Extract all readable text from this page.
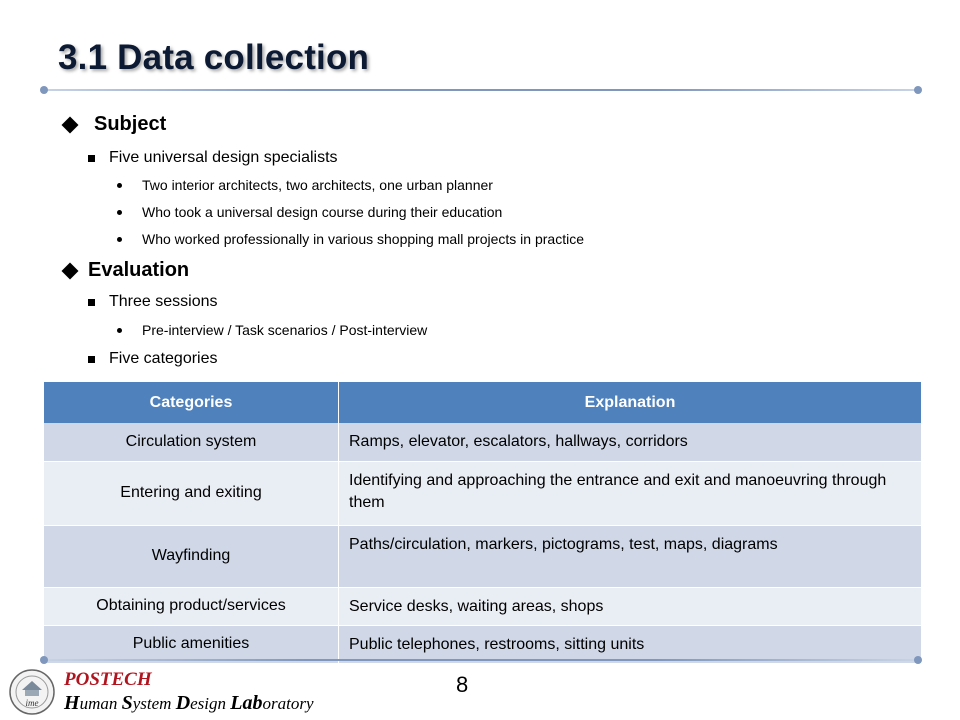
3.1 Data collection
Subject
Five universal design specialists
Two interior architects, two architects, one urban planner
Who took a universal design course during their education
Who worked professionally in various shopping mall projects in practice
Evaluation
Three sessions
Pre-interview / Task scenarios / Post-interview
Five categories
Categories	Explanation
Circulation system	Ramps, elevator, escalators, hallways, corridors
Entering and exiting	Identifying and approaching the entrance and exit and manoeuvring through them
Wayfinding	Paths/circulation, markers, pictograms, test, maps, diagrams
Obtaining product/services	Service desks, waiting areas, shops
Public amenities	Public telephones, restrooms, sitting units
8
ime
POSTECH
Human System Design Laboratory
